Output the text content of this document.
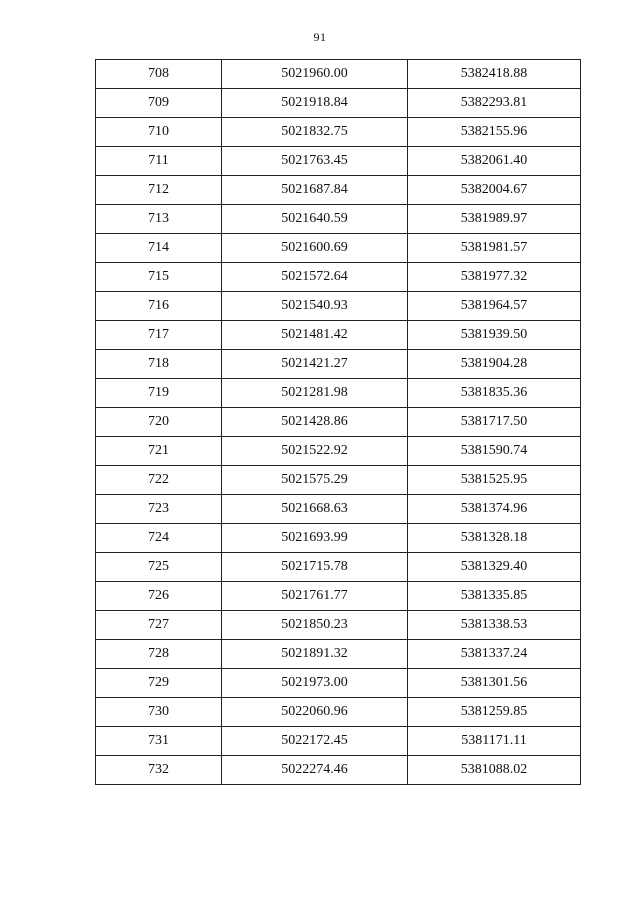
91
708	5021960.00	5382418.88
709	5021918.84	5382293.81
710	5021832.75	5382155.96
711	5021763.45	5382061.40
712	5021687.84	5382004.67
713	5021640.59	5381989.97
714	5021600.69	5381981.57
715	5021572.64	5381977.32
716	5021540.93	5381964.57
717	5021481.42	5381939.50
718	5021421.27	5381904.28
719	5021281.98	5381835.36
720	5021428.86	5381717.50
721	5021522.92	5381590.74
722	5021575.29	5381525.95
723	5021668.63	5381374.96
724	5021693.99	5381328.18
725	5021715.78	5381329.40
726	5021761.77	5381335.85
727	5021850.23	5381338.53
728	5021891.32	5381337.24
729	5021973.00	5381301.56
730	5022060.96	5381259.85
731	5022172.45	5381171.11
732	5022274.46	5381088.02
